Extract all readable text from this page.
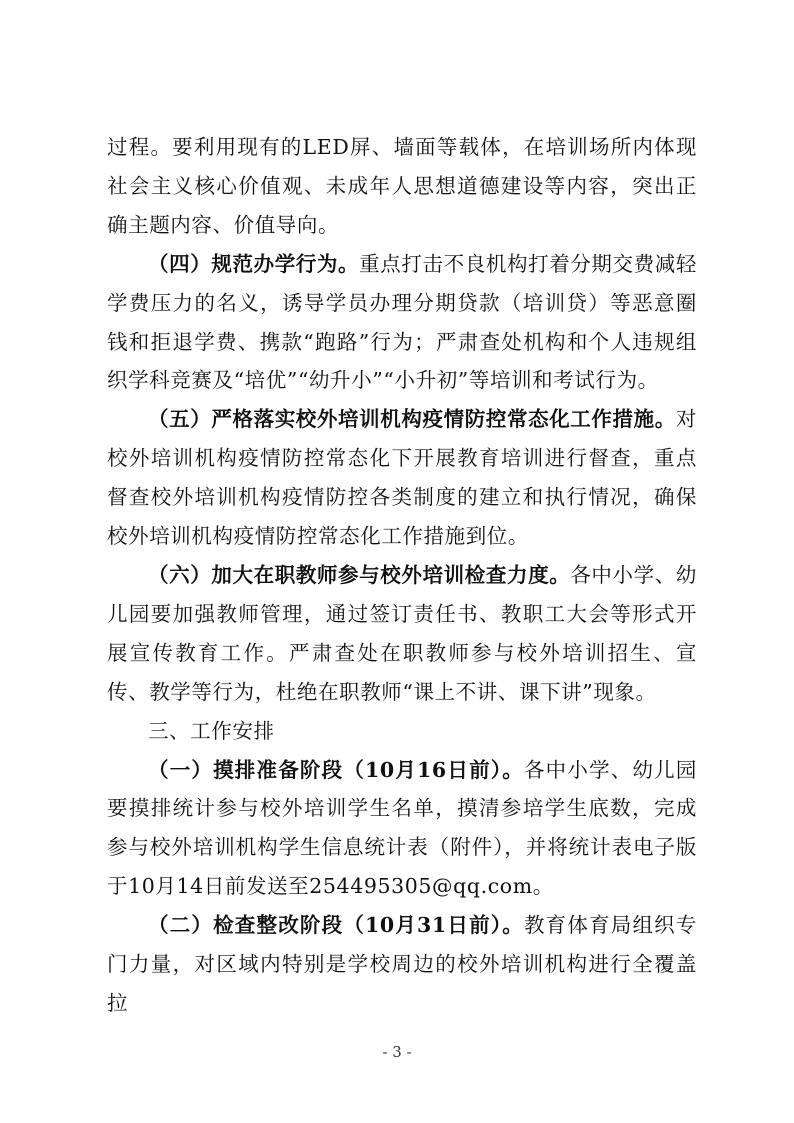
过程。要利用现有的LED屏、墙面等载体，在培训场所内体现社会主义核心价值观、未成年人思想道德建设等内容，突出正确主题内容、价值导向。

（四）规范办学行为。重点打击不良机构打着分期交费减轻学费压力的名义，诱导学员办理分期贷款（培训贷）等恶意圈钱和拒退学费、携款“跑路”行为；严肃查处机构和个人违规组织学科竞赛及“培优”“幼升小”“小升初”等培训和考试行为。

（五）严格落实校外培训机构疫情防控常态化工作措施。对校外培训机构疫情防控常态化下开展教育培训进行督查，重点督查校外培训机构疫情防控各类制度的建立和执行情况，确保校外培训机构疫情防控常态化工作措施到位。

（六）加大在职教师参与校外培训检查力度。各中小学、幼儿园要加强教师管理，通过签订责任书、教职工大会等形式开展宣传教育工作。严肃查处在职教师参与校外培训招生、宣传、教学等行为，杜绝在职教师“课上不讲、课下讲”现象。

三、工作安排

（一）摸排准备阶段（10月16日前）。各中小学、幼儿园要摸排统计参与校外培训学生名单，摸清参培学生底数，完成参与校外培训机构学生信息统计表（附件），并将统计表电子版于10月14日前发送至254495305@qq.com。

（二）检查整改阶段（10月31日前）。教育体育局组织专门力量，对区域内特别是学校周边的校外培训机构进行全覆盖拉

- 3 -
